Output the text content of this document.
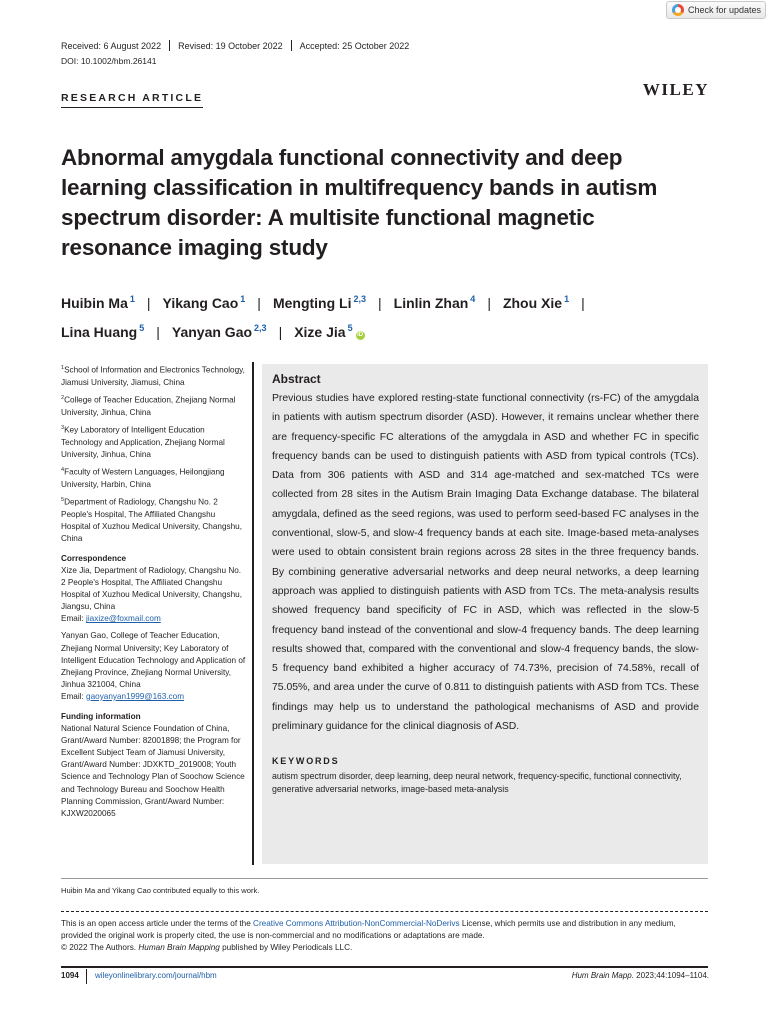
Check for updates
Received: 6 August 2022 Revised: 19 October 2022 Accepted: 25 October 2022
DOI: 10.1002/hbm.26141
RESEARCH ARTICLE	WILEY
Abnormal amygdala functional connectivity and deep learning classification in multifrequency bands in autism spectrum disorder: A multisite functional magnetic resonance imaging study
Huibin Ma $^1$ | Yikang Cao $^1$ | Mengting Li $^{2,3}$ | Linlin Zhan $^4$ | Zhou Xie $^1$ |
Lina Huang $^5$ | Yanyan Gao $^{2,3}$ | Xize Jia $^5$iD
$^1$School of Information and Electronics Technology, Jiamusi University, Jiamusi, China
$^2$College of Teacher Education, Zhejiang Normal University, Jinhua, China
$^3$Key Laboratory of Intelligent Education Technology and Application, Zhejiang Normal University, Jinhua, China
$^4$Faculty of Western Languages, Heilongjiang University, Harbin, China
$^5$Department of Radiology, Changshu No. 2 People's Hospital, The Affiliated Changshu Hospital of Xuzhou Medical University, Changshu, China
Correspondence
Xize Jia, Department of Radiology, Changshu No. 2 People's Hospital, The Affiliated Changshu Hospital of Xuzhou Medical University, Changshu, Jiangsu, China
Email: jiaxize@foxmail.com
Yanyan Gao, College of Teacher Education, Zhejiang Normal University; Key Laboratory of Intelligent Education Technology and Application of Zhejiang Province, Zhejiang Normal University, Jinhua 321004, China
Email: gaoyanyan1999@163.com
Funding information
National Natural Science Foundation of China, Grant/Award Number: 82001898; the Program for Excellent Subject Team of Jiamusi University, Grant/Award Number: JDXKTD_2019008; Youth Science and Technology Plan of Soochow Science and Technology Bureau and Soochow Health Planning Commission, Grant/Award Number: KJXW2020065
Abstract
Previous studies have explored resting-state functional connectivity (rs-FC) of the amygdala in patients with autism spectrum disorder (ASD). However, it remains unclear whether there are frequency-specific FC alterations of the amygdala in ASD and whether FC in specific frequency bands can be used to distinguish patients with ASD from typical controls (TCs). Data from 306 patients with ASD and 314 age-matched and sex-matched TCs were collected from 28 sites in the Autism Brain Imaging Data Exchange database. The bilateral amygdala, defined as the seed regions, was used to perform seed-based FC analyses in the conventional, slow-5, and slow-4 frequency bands at each site. Image-based meta-analyses were used to obtain consistent brain regions across 28 sites in the three frequency bands. By combining generative adversarial networks and deep neural networks, a deep learning approach was applied to distinguish patients with ASD from TCs. The meta-analysis results showed frequency band specificity of FC in ASD, which was reflected in the slow-5 frequency band instead of the conventional and slow-4 frequency bands. The deep learning results showed that, compared with the conventional and slow-4 frequency bands, the slow-5 frequency band exhibited a higher accuracy of 74.73%, precision of 74.58%, recall of 75.05%, and area under the curve of 0.811 to distinguish patients with ASD from TCs. These findings may help us to understand the pathological mechanisms of ASD and provide preliminary guidance for the clinical diagnosis of ASD.
KEYWORDS
autism spectrum disorder, deep learning, deep neural network, frequency-specific, functional connectivity, generative adversarial networks, image-based meta-analysis
Huibin Ma and Yikang Cao contributed equally to this work.
This is an open access article under the terms of the Creative Commons Attribution-NonCommercial-NoDerivs License, which permits use and distribution in any medium, provided the original work is properly cited, the use is non-commercial and no modifications or adaptations are made.
© 2022 The Authors. Human Brain Mapping published by Wiley Periodicals LLC.
1094 wileyonlinelibrary.com/journal/hbm	Hum Brain Mapp. 2023;44:1094–1104.
